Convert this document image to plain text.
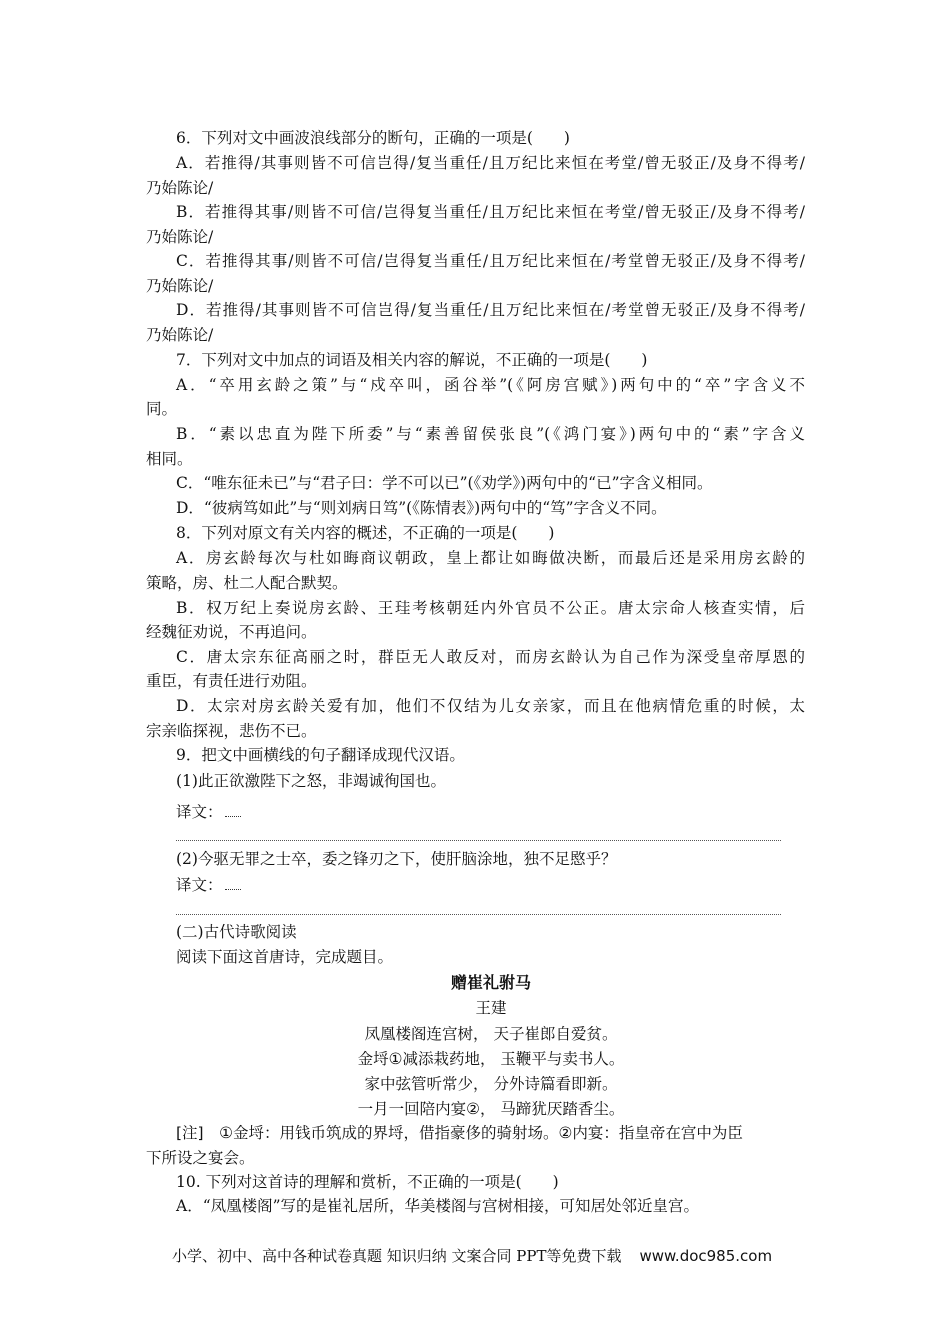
6．下列对文中画波浪线部分的断句，正确的一项是(　　)
A．若推得/其事则皆不可信岂得/复当重任/且万纪比来恒在考堂/曾无驳正/及身不得考/
乃始陈论/
B．若推得其事/则皆不可信/岂得复当重任/且万纪比来恒在考堂/曾无驳正/及身不得考/
乃始陈论/
C．若推得其事/则皆不可信/岂得复当重任/且万纪比来恒在/考堂曾无驳正/及身不得考/
乃始陈论/
D．若推得/其事则皆不可信岂得/复当重任/且万纪比来恒在/考堂曾无驳正/及身不得考/
乃始陈论/
7．下列对文中加点的词语及相关内容的解说，不正确的一项是(　　)
A．“卒用玄龄之策”与“戍卒叫，函谷举”(《阿房宫赋》)两句中的“卒”字含义不
同。
B．“素以忠直为陛下所委”与“素善留侯张良”(《鸿门宴》)两句中的“素”字含义
相同。
C．“唯东征未已”与“君子曰：学不可以已”(《劝学》)两句中的“已”字含义相同。
D．“彼病笃如此”与“则刘病日笃”(《陈情表》)两句中的“笃”字含义不同。
8．下列对原文有关内容的概述，不正确的一项是(　　)
A．房玄龄每次与杜如晦商议朝政，皇上都让如晦做决断，而最后还是采用房玄龄的
策略，房、杜二人配合默契。
B．权万纪上奏说房玄龄、王珪考核朝廷内外官员不公正。唐太宗命人核查实情，后
经魏征劝说，不再追问。
C．唐太宗东征高丽之时，群臣无人敢反对，而房玄龄认为自己作为深受皇帝厚恩的
重臣，有责任进行劝阻。
D．太宗对房玄龄关爱有加，他们不仅结为儿女亲家，而且在他病情危重的时候，太
宗亲临探视，悲伤不已。
9．把文中画横线的句子翻译成现代汉语。
(1)此正欲激陛下之怒，非竭诚徇国也。
译文：
(2)今驱无罪之士卒，委之锋刃之下，使肝脑涂地，独不足愍乎？
译文：
(二)古代诗歌阅读
阅读下面这首唐诗，完成题目。
赠崔礼驸马
王建
凤凰楼阁连宫树， 天子崔郎自爱贫。
金埒①减添栽药地， 玉鞭平与卖书人。
家中弦管听常少， 分外诗篇看即新。
一月一回陪内宴②， 马蹄犹厌踏香尘。
[注]　①金埒：用钱币筑成的界埒，借指豪侈的骑射场。②内宴：指皇帝在宫中为臣
下所设之宴会。
10. 下列对这首诗的理解和赏析，不正确的一项是(　　)
A．“凤凰楼阁”写的是崔礼居所，华美楼阁与宫树相接，可知居处邻近皇宫。
小学、初中、高中各种试卷真题 知识归纳 文案合同 PPT等免费下载 www.doc985.com
